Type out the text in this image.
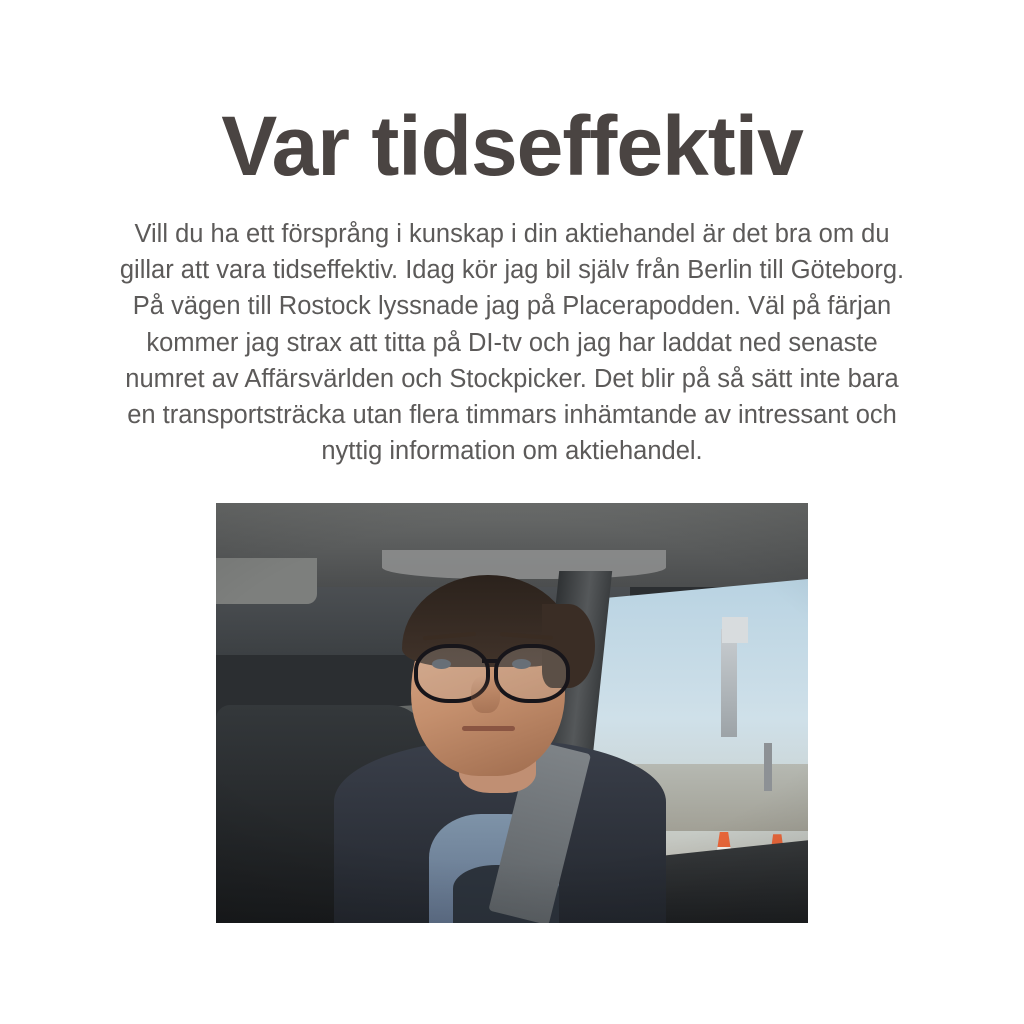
Var tidseffektiv

Vill du ha ett försprång i kunskap i din aktiehandel är det bra om du gillar att vara tidseffektiv. Idag kör jag bil själv från Berlin till Göteborg. På vägen till Rostock lyssnade jag på Placerapodden. Väl på färjan kommer jag strax att titta på DI-tv och jag har laddat ned senaste numret av Affärsvärlden och Stockpicker. Det blir på så sätt inte bara en transportsträcka utan flera timmars inhämtande av intressant och nyttig information om aktiehandel.
